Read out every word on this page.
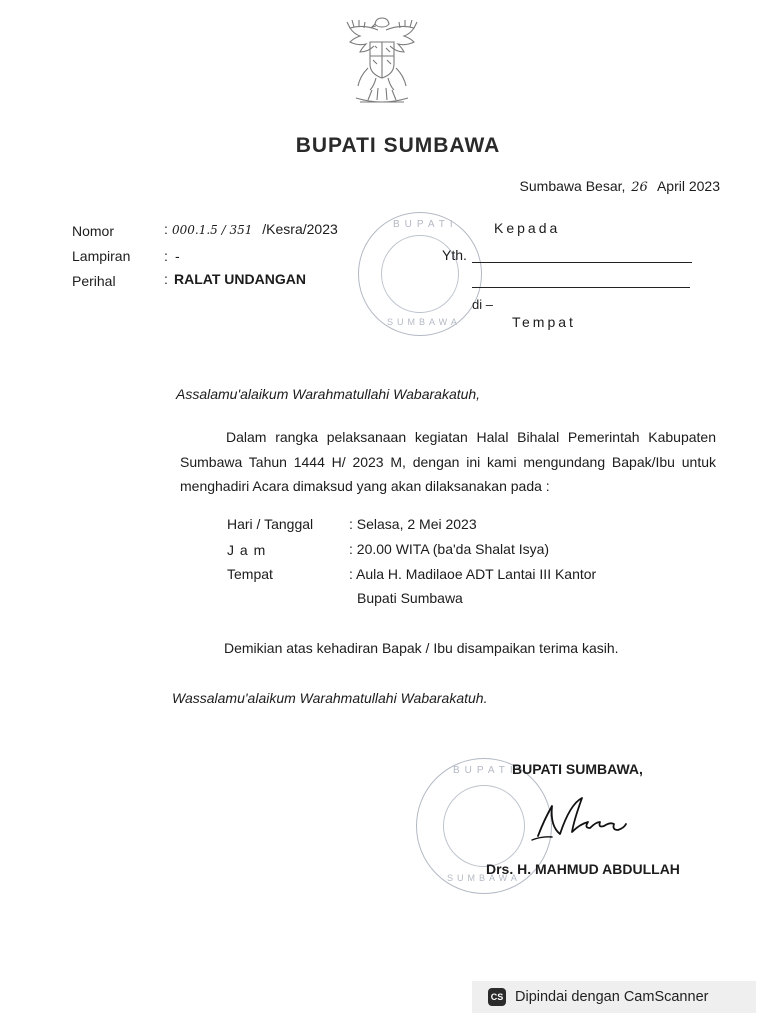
BUPATI SUMBAWA
Sumbawa Besar, 26 April 2023
Nomor	: 000.1.5 / 351 /Kesra/2023
Lampiran : -
Perihal	: RALAT UNDANGAN
BUPATI
SUMBAWA
Kepada
Yth.
di –
Tempat
Assalamu'alaikum Warahmatullahi Wabarakatuh,
Dalam rangka pelaksanaan kegiatan Halal Bihalal Pemerintah Kabupaten Sumbawa Tahun 1444 H/ 2023 M, dengan ini kami mengundang Bapak/Ibu untuk menghadiri Acara dimaksud yang akan dilaksanakan pada :
Hari / Tanggal	: Selasa, 2 Mei 2023
J a m	: 20.00 WITA (ba'da Shalat Isya)
Tempat	: Aula H. Madilaoe ADT Lantai III Kantor
Bupati Sumbawa
Demikian atas kehadiran Bapak / Ibu disampaikan terima kasih.
Wassalamu'alaikum Warahmatullahi Wabarakatuh.
BUPATI
SUMBAWA
BUPATI SUMBAWA,
Drs. H. MAHMUD ABDULLAH
CS Dipindai dengan CamScanner
